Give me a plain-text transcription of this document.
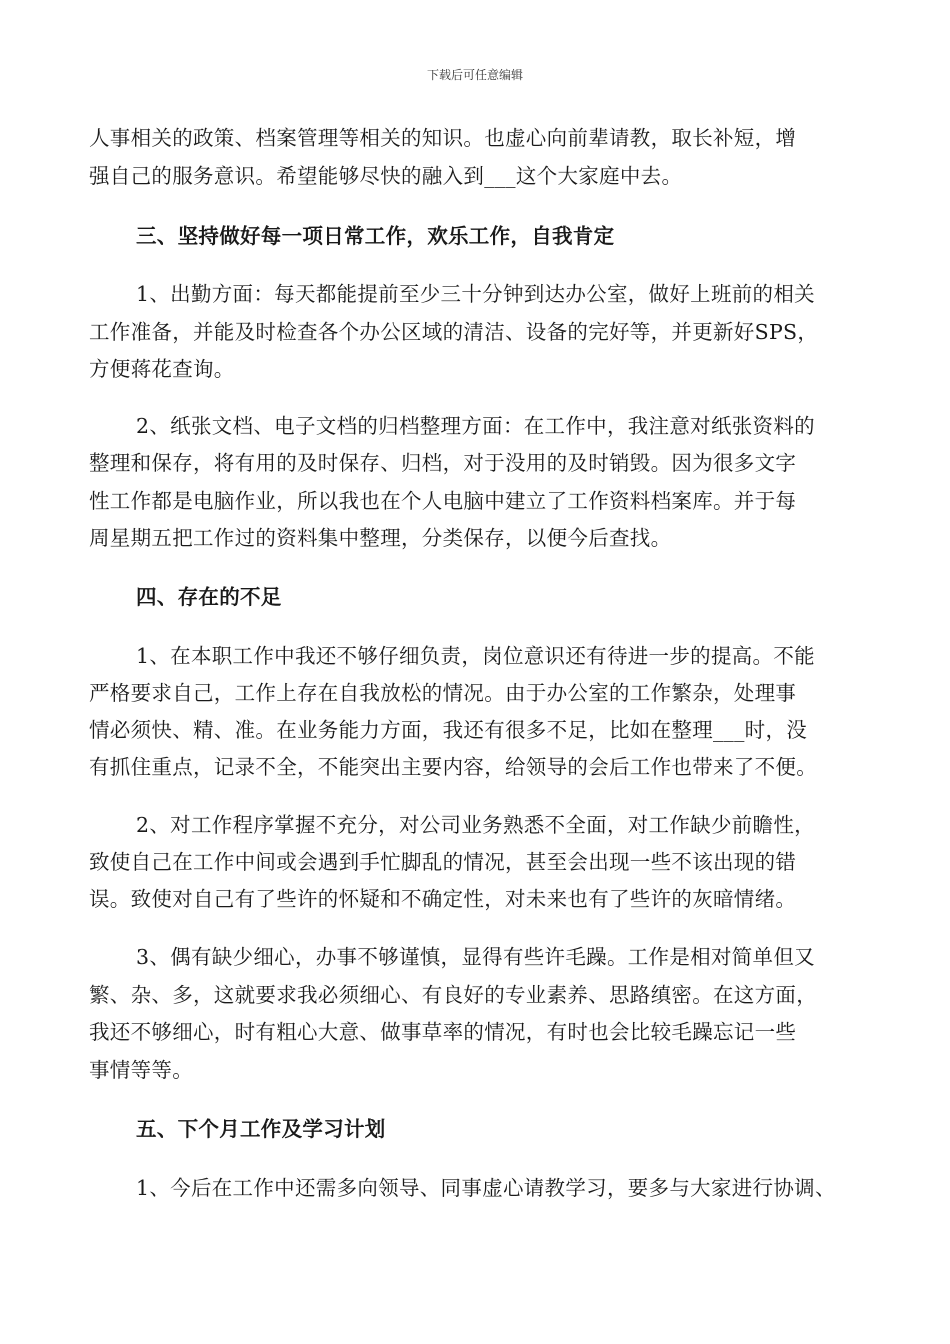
下载后可任意编辑
人事相关的政策、档案管理等相关的知识。也虚心向前辈请教，取长补短，增
强自己的服务意识。希望能够尽快的融入到___这个大家庭中去。
三、坚持做好每一项日常工作，欢乐工作，自我肯定
1、出勤方面：每天都能提前至少三十分钟到达办公室，做好上班前的相关
工作准备，并能及时检查各个办公区域的清洁、设备的完好等，并更新好SPS，
方便蒋花查询。
2、纸张文档、电子文档的归档整理方面：在工作中，我注意对纸张资料的
整理和保存，将有用的及时保存、归档，对于没用的及时销毁。因为很多文字
性工作都是电脑作业，所以我也在个人电脑中建立了工作资料档案库。并于每
周星期五把工作过的资料集中整理，分类保存，以便今后查找。
四、存在的不足
1、在本职工作中我还不够仔细负责，岗位意识还有待进一步的提高。不能
严格要求自己，工作上存在自我放松的情况。由于办公室的工作繁杂，处理事
情必须快、精、准。在业务能力方面，我还有很多不足，比如在整理___时，没
有抓住重点，记录不全，不能突出主要内容，给领导的会后工作也带来了不便。
2、对工作程序掌握不充分，对公司业务熟悉不全面，对工作缺少前瞻性，
致使自己在工作中间或会遇到手忙脚乱的情况，甚至会出现一些不该出现的错
误。致使对自己有了些许的怀疑和不确定性，对未来也有了些许的灰暗情绪。
3、偶有缺少细心，办事不够谨慎，显得有些许毛躁。工作是相对简单但又
繁、杂、多，这就要求我必须细心、有良好的专业素养、思路缜密。在这方面，
我还不够细心，时有粗心大意、做事草率的情况，有时也会比较毛躁忘记一些
事情等等。
五、下个月工作及学习计划
1、今后在工作中还需多向领导、同事虚心请教学习，要多与大家进行协调、
